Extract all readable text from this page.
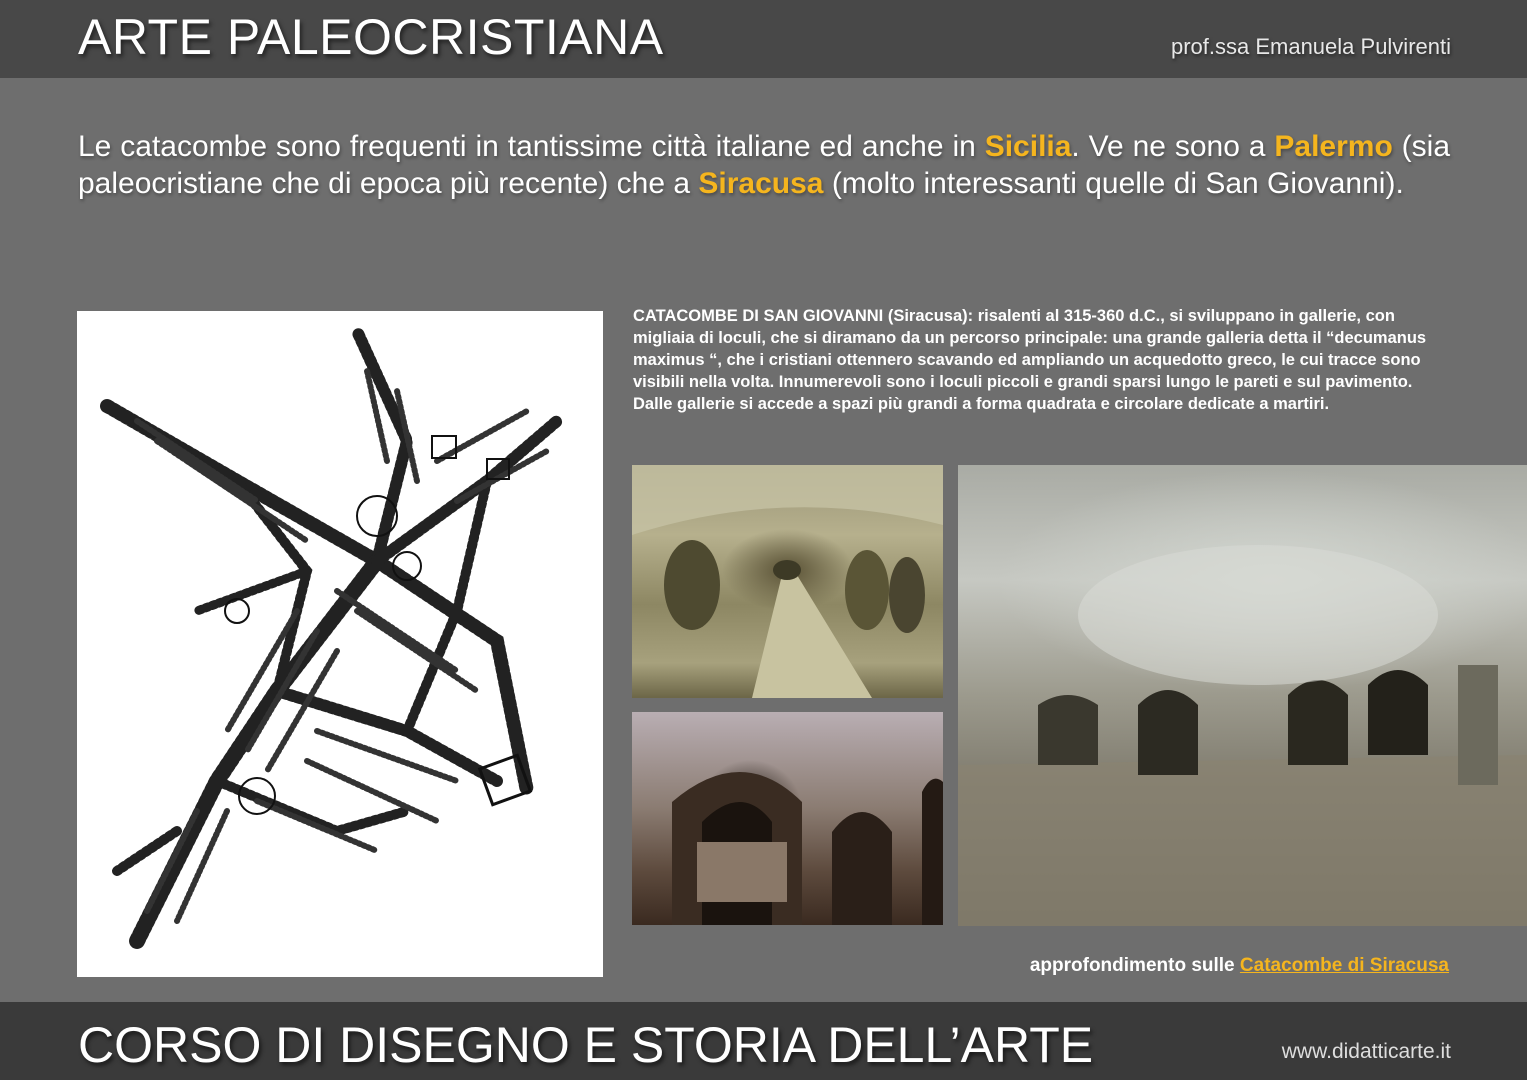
ARTE PALEOCRISTIANA	prof.ssa Emanuela Pulvirenti
Le catacombe sono frequenti in tantissime città italiane ed anche in Sicilia. Ve ne sono a Palermo (sia paleocristiane che di epoca più recente) che a Siracusa (molto interessanti quelle di San Giovanni).
CATACOMBE DI SAN GIOVANNI (Siracusa): risalenti al 315-360 d.C., si sviluppano in gallerie, con migliaia di loculi, che si diramano da un percorso principale: una grande galleria detta il “decumanus maximus “, che i cristiani ottennero scavando ed ampliando un acquedotto greco, le cui tracce sono visibili nella volta. Innumerevoli sono i loculi piccoli e grandi sparsi lungo le pareti e sul pavimento. Dalle gallerie si accede a spazi più grandi a forma quadrata e circolare dedicate a martiri.
approfondimento sulle Catacombe di Siracusa
CORSO DI DISEGNO E STORIA DELL’ARTE	www.didatticarte.it
